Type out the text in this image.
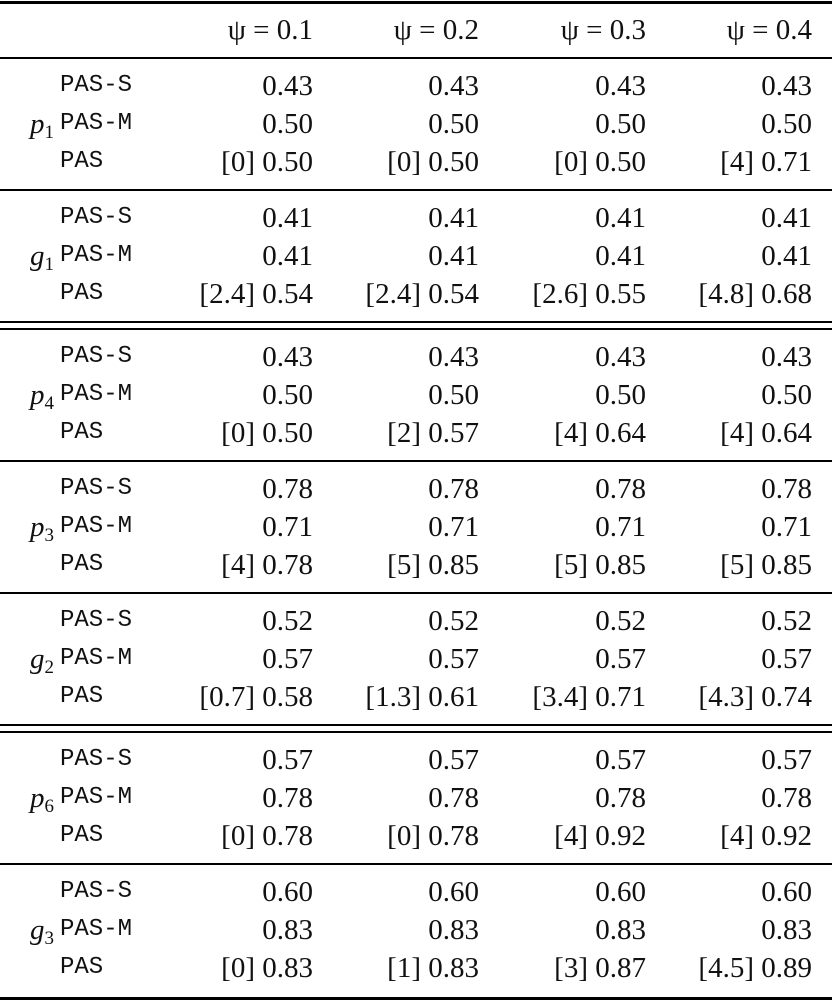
ψ = 0.1	ψ = 0.2	ψ = 0.3	ψ = 0.4
$p_1$
PAS-S	0.43	0.43	0.43	0.43
PAS-M	0.50	0.50	0.50	0.50
PAS	[0] 0.50	[0] 0.50	[0] 0.50	[4] 0.71
$g_1$
PAS-S	0.41	0.41	0.41	0.41
PAS-M	0.41	0.41	0.41	0.41
PAS	[2.4] 0.54	[2.4] 0.54	[2.6] 0.55	[4.8] 0.68
$p_4$
PAS-S	0.43	0.43	0.43	0.43
PAS-M	0.50	0.50	0.50	0.50
PAS	[0] 0.50	[2] 0.57	[4] 0.64	[4] 0.64
$p_3$
PAS-S	0.78	0.78	0.78	0.78
PAS-M	0.71	0.71	0.71	0.71
PAS	[4] 0.78	[5] 0.85	[5] 0.85	[5] 0.85
$g_2$
PAS-S	0.52	0.52	0.52	0.52
PAS-M	0.57	0.57	0.57	0.57
PAS	[0.7] 0.58	[1.3] 0.61	[3.4] 0.71	[4.3] 0.74
$p_6$
PAS-S	0.57	0.57	0.57	0.57
PAS-M	0.78	0.78	0.78	0.78
PAS	[0] 0.78	[0] 0.78	[4] 0.92	[4] 0.92
$g_3$
PAS-S	0.60	0.60	0.60	0.60
PAS-M	0.83	0.83	0.83	0.83
PAS	[0] 0.83	[1] 0.83	[3] 0.87	[4.5] 0.89
